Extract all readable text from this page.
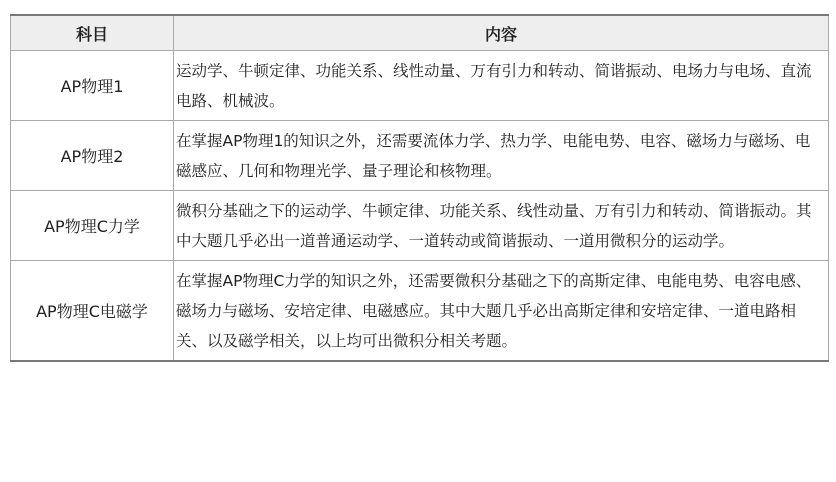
科目	内容
AP物理1	运动学、牛顿定律、功能关系、线性动量、万有引力和转动、简谐振动、电场力与电场、直流电路、机械波。
AP物理2	在掌握AP物理1的知识之外，还需要流体力学、热力学、电能电势、电容、磁场力与磁场、电磁感应、几何和物理光学、量子理论和核物理。
AP物理C力学	微积分基础之下的运动学、牛顿定律、功能关系、线性动量、万有引力和转动、简谐振动。其中大题几乎必出一道普通运动学、一道转动或简谐振动、一道用微积分的运动学。
AP物理C电磁学	在掌握AP物理C力学的知识之外，还需要微积分基础之下的高斯定律、电能电势、电容电感、磁场力与磁场、安培定律、电磁感应。其中大题几乎必出高斯定律和安培定律、一道电路相关、以及磁学相关，以上均可出微积分相关考题。
